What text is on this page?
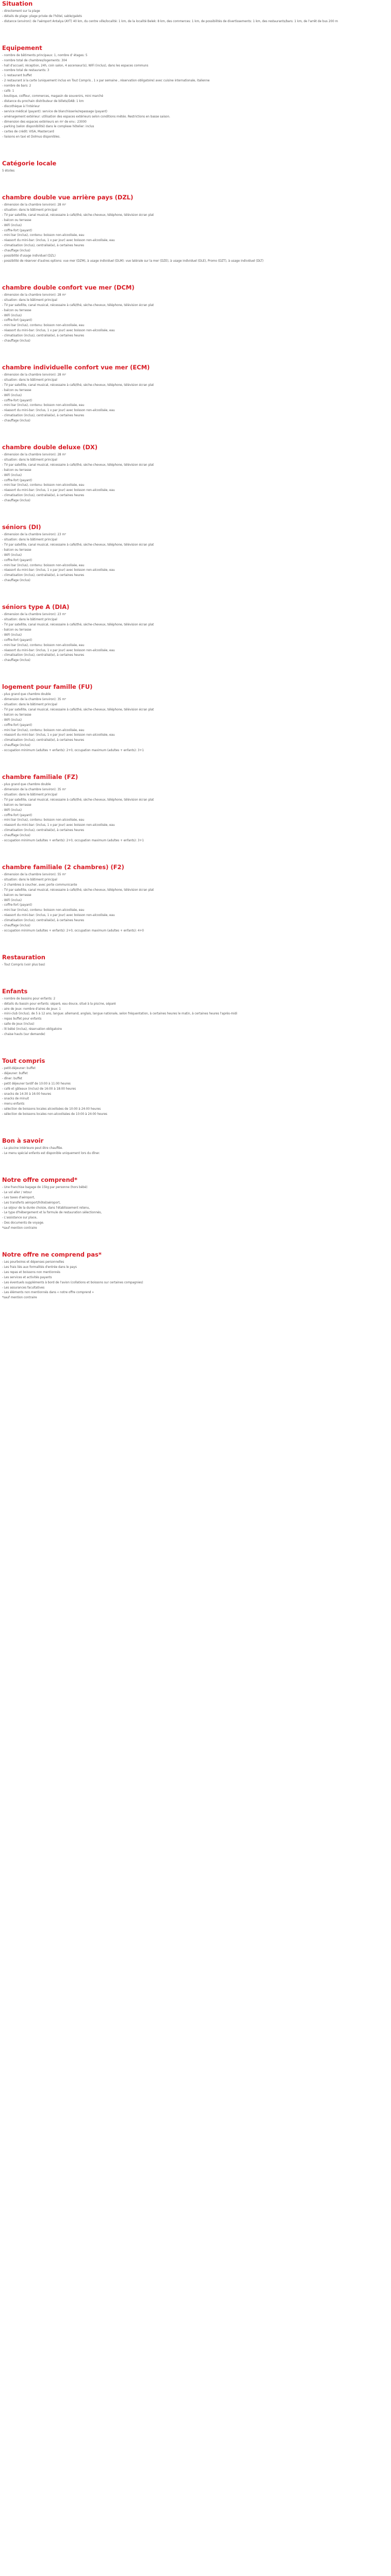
Situation
- directement sur la plage
- détails de plage: plage privée de l'hôtel, sable/galets
- distance (environ): de l'aéroport Antalya (AYT) 40 km, du centre ville/localité: 1 km, de la localité Belek: 8 km, des commerces: 1 km, de possibilités de divertissements: 1 km, des restaurants/bars: 1 km, de l'arrêt de bus 200 m
Equipement
- nombre de bâtiments principaux: 1, nombre d' étages: 5
- nombre total de chambres/logements: 304
- hall d'accueil, réception, 24h, coin salon, 4 ascenseur(s), WiFi (inclus), dans les espaces communs
- nombre total de restaurants: 3
- 1 restaurant buffet
- 2 restaurant à la carte (uniquement inclus en Tout Compris , 1 x par semaine , réservation obligatoire) avec cuisine internationale, italienne
- nombre de bars: 2
- café: 1
- boutique, coiffeur, commerces, magasin de souvenirs, mini marché
- distance du prochain distributeur de billets/DAB: 1 km
- discothèque à l'intérieur
- service médical (payant): service de blanchisserie/repassage (payant)
- aménagement extérieur: utilisation des espaces extérieurs selon conditions météo. Restrictions en basse saison.
- dimension des espaces extérieurs en m² de env.: 23000
- parking (selon disponibilité) dans le complexe hôtelier: inclus
- cartes de crédit: VISA, Mastercard
- liaisons en taxi et Dolmus disponibles.
Catégorie locale
5 étoiles
chambre double vue arrière pays (DZL)
- dimension de la chambre (environ): 28 m²
- situation: dans le bâtiment principal
- TV par satellite, canal musical, nécessaire à café/thé, sèche-cheveux, téléphone, télévision écran plat
- balcon ou terrasse
- WiFi (inclus)
- coffre-fort (payant)
- mini bar (inclus), contenu: boisson non-alcoolisée, eau
- réassort du mini-bar: (inclus, 1 x par jour) avec boisson non-alcoolisée, eau
- climatisation (inclus), centralisé(e), à certaines heures
- chauffage (inclus)
- possibilité d'usage individuel (DZL)
- possibilité de réserver d'autres options: vue mer (DZM), à usage individuel (DLM): vue latérale sur la mer (DZE), à usage individuel (DLE), Promo (DZT), à usage individuel (DLT)
chambre double confort vue mer (DCM)
- dimension de la chambre (environ): 28 m²
- situation: dans le bâtiment principal
- TV par satellite, canal musical, nécessaire à café/thé, sèche-cheveux, téléphone, télévision écran plat
- balcon ou terrasse
- WiFi (inclus)
- coffre-fort (payant)
- mini bar (inclus), contenu: boisson non-alcoolisée, eau
- réassort du mini-bar: (inclus, 1 x par jour) avec boisson non-alcoolisée, eau
- climatisation (inclus), centralisé(e), à certaines heures
- chauffage (inclus)
chambre individuelle confort vue mer (ECM)
- dimension de la chambre (environ): 28 m²
- situation: dans le bâtiment principal
- TV par satellite, canal musical, nécessaire à café/thé, sèche-cheveux, téléphone, télévision écran plat
- balcon ou terrasse
- WiFi (inclus)
- coffre-fort (payant)
- mini bar (inclus), contenu: boisson non-alcoolisée, eau
- réassort du mini-bar: (inclus, 1 x par jour) avec boisson non-alcoolisée, eau
- climatisation (inclus), centralisé(e), à certaines heures
- chauffage (inclus)
chambre double deluxe (DX)
- dimension de la chambre (environ): 28 m²
- situation: dans le bâtiment principal
- TV par satellite, canal musical, nécessaire à café/thé, sèche-cheveux, téléphone, télévision écran plat
- balcon ou terrasse
- WiFi (inclus)
- coffre-fort (payant)
- mini bar (inclus), contenu: boisson non-alcoolisée, eau
- réassort du mini-bar: (inclus, 1 x par jour) avec boisson non-alcoolisée, eau
- climatisation (inclus), centralisé(e), à certaines heures
- chauffage (inclus)
séniors (DI)
- dimension de la chambre (environ): 23 m²
- situation: dans le bâtiment principal
- TV par satellite, canal musical, nécessaire à café/thé, sèche-cheveux, téléphone, télévision écran plat
- balcon ou terrasse
- WiFi (inclus)
- coffre-fort (payant)
- mini bar (inclus), contenu: boisson non-alcoolisée, eau
- réassort du mini-bar: (inclus, 1 x par jour) avec boisson non-alcoolisée, eau
- climatisation (inclus), centralisé(e), à certaines heures
- chauffage (inclus)
séniors type A (DIA)
- dimension de la chambre (environ): 23 m²
- situation: dans le bâtiment principal
- TV par satellite, canal musical, nécessaire à café/thé, sèche-cheveux, téléphone, télévision écran plat
- balcon ou terrasse
- WiFi (inclus)
- coffre-fort (payant)
- mini bar (inclus), contenu: boisson non-alcoolisée, eau
- réassort du mini-bar: (inclus, 1 x par jour) avec boisson non-alcoolisée, eau
- climatisation (inclus), centralisé(e), à certaines heures
- chauffage (inclus)
logement pour famille (FU)
- plus grand que chambre double
- dimension de la chambre (environ): 35 m²
- situation: dans le bâtiment principal
- TV par satellite, canal musical, nécessaire à café/thé, sèche-cheveux, téléphone, télévision écran plat
- balcon ou terrasse
- WiFi (inclus)
- coffre-fort (payant)
- mini bar (inclus), contenu: boisson non-alcoolisée, eau
- réassort du mini-bar: (inclus, 1 x par jour) avec boisson non-alcoolisée, eau
- climatisation (inclus), centralisé(e), à certaines heures
- chauffage (inclus)
- occupation minimum (adultes + enfants): 2+0, occupation maximum (adultes + enfants): 3+1
chambre familiale (FZ)
- plus grand que chambre double
- dimension de la chambre (environ): 35 m²
- situation: dans le bâtiment principal
- TV par satellite, canal musical, nécessaire à café/thé, sèche-cheveux, téléphone, télévision écran plat
- balcon ou terrasse
- WiFi (inclus)
- coffre-fort (payant)
- mini bar (inclus), contenu: boisson non-alcoolisée, eau
- réassort du mini-bar: (inclus, 1 x par jour) avec boisson non-alcoolisée, eau
- climatisation (inclus), centralisé(e), à certaines heures
- chauffage (inclus)
- occupation minimum (adultes + enfants): 2+0, occupation maximum (adultes + enfants): 3+1
chambre familiale (2 chambres) (F2)
- dimension de la chambre (environ): 55 m²
- situation: dans le bâtiment principal
- 2 chambres à coucher, avec porte communicante
- TV par satellite, canal musical, nécessaire à café/thé, sèche-cheveux, téléphone, télévision écran plat
- balcon ou terrasse
- WiFi (inclus)
- coffre-fort (payant)
- mini bar (inclus), contenu: boisson non-alcoolisée, eau
- réassort du mini-bar: (inclus, 1 x par jour) avec boisson non-alcoolisée, eau
- climatisation (inclus), centralisé(e), à certaines heures
- chauffage (inclus)
- occupation minimum (adultes + enfants): 2+0, occupation maximum (adultes + enfants): 4+0
Restauration
- Tout Compris (voir plus bas)
Enfants
- nombre de bassins pour enfants: 2
- détails du bassin pour enfants: séparé, eau douce, situé à la piscine, séparé
- aire de jeux: nombre d'aires de jeux: 1
- mini-club (inclus), de 5 à 12 ans, langue: allemand, anglais, langue nationale, selon fréquentation, à certaines heures le matin, à certaines heures l'après-midi
- repas buffet pour enfants
- salle de jeux (inclus)
- lit bébé (inclus), réservation obligatoire
- chaise hauts (sur demande)
Tout compris
- petit-déjeuner: buffet
- déjeuner: buffet
- dîner: buffet
- petit déjeuner tardif de 10:00 à 11:00 heures
- café et gâteaux (inclus) de 16:00 à 18:00 heures
- snacks de 14:30 à 16:00 heures
- snacks de minuit
- menu enfants
- sélection de boissons locales alcoolisées de 10:00 à 24:00 heures
- sélection de boissons locales non-alcoolisées de 10:00 à 24:00 heures
Bon à savoir
- La piscine intérieure peut être chauffée.
- Le menu spécial enfants est disponible uniquement lors du dîner.
Notre offre comprend*
- Une franchise bagage de 15kg par personne (hors bébé)
- Le vol aller / retour
- Les taxes d'aéroport,
- Les transferts aéroport/hôtel/aéroport,
- Le séjour de la durée choisie, dans l'établissement retenu,
- Le type d'hébergement et la formule de restauration sélectionnés,
- L'assistance sur place,
- Des documents de voyage.
*sauf mention contraire
Notre offre ne comprend pas*
- Les pourboires et dépenses personnelles
- Les frais liés aux formalités d'entrée dans le pays
- Les repas et boissons non mentionnés
- Les services et activités payants
- Les éventuels suppléments à bord de l'avion (collations et boissons sur certaines compagnies)
- Les assurances facultatives
- Les éléments non mentionnés dans « notre offre comprend »
*sauf mention contraire
